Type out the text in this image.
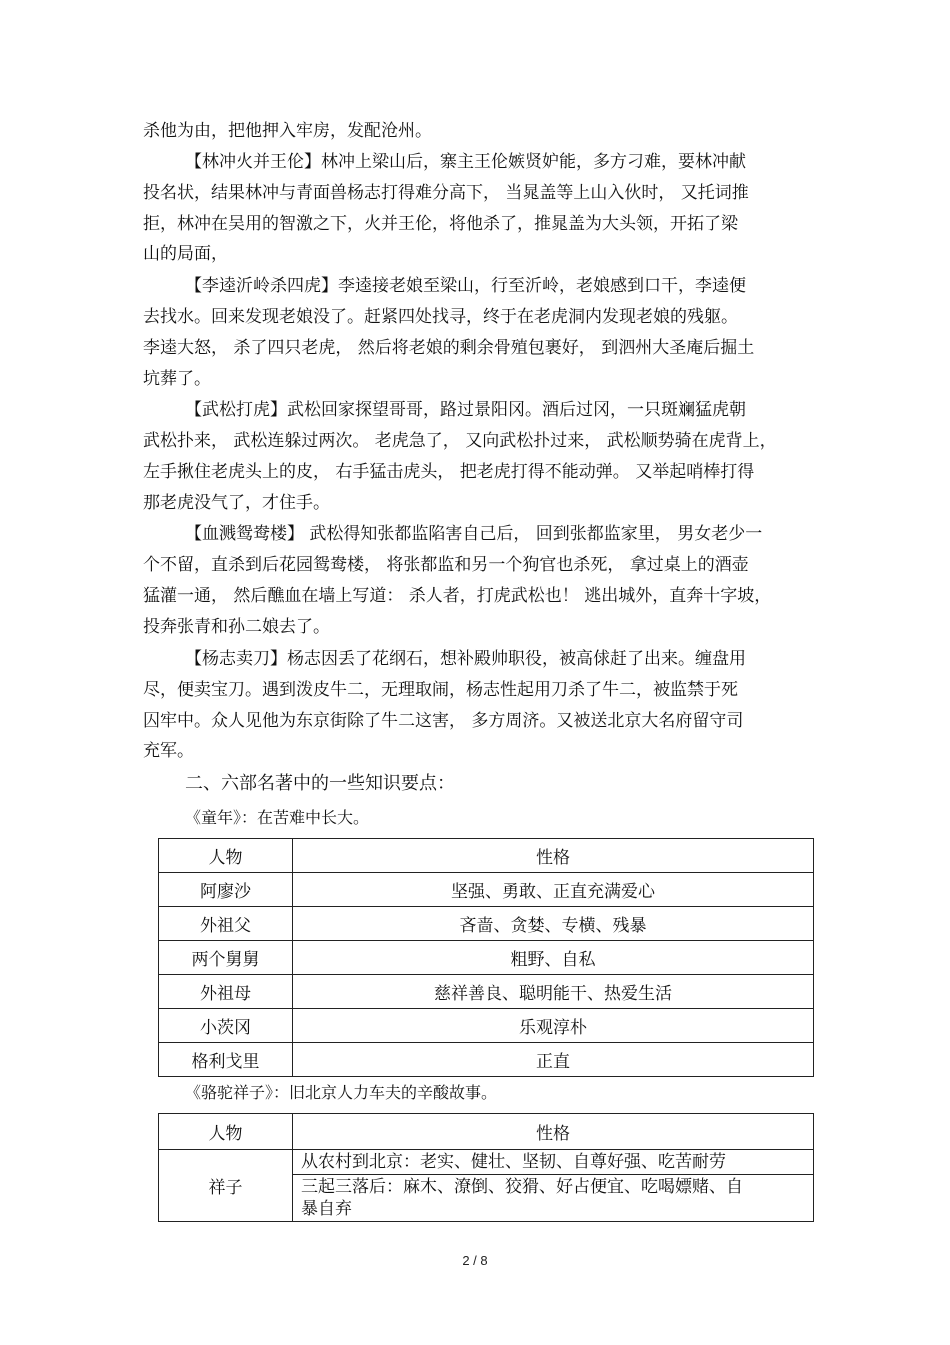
杀他为由，把他押入牢房，发配沧州。
【林冲火并王伦】林冲上梁山后，寨主王伦嫉贤妒能，多方刁难，要林冲献
投名状，结果林冲与青面兽杨志打得难分高下， 当晁盖等上山入伙时， 又托词推
拒，林冲在吴用的智激之下，火并王伦，将他杀了，推晁盖为大头领，开拓了梁
山的局面，
【李逵沂岭杀四虎】李逵接老娘至梁山，行至沂岭，老娘感到口干，李逵便
去找水。回来发现老娘没了。赶紧四处找寻，终于在老虎洞内发现老娘的残躯。
李逵大怒， 杀了四只老虎， 然后将老娘的剩余骨殖包裹好， 到泗州大圣庵后掘土
坑葬了。
【武松打虎】武松回家探望哥哥，路过景阳冈。酒后过冈，一只斑斓猛虎朝
武松扑来， 武松连躲过两次。 老虎急了， 又向武松扑过来， 武松顺势骑在虎背上，
左手揪住老虎头上的皮， 右手猛击虎头， 把老虎打得不能动弹。 又举起哨棒打得
那老虎没气了，才住手。
【血溅鸳鸯楼】 武松得知张都监陷害自己后， 回到张都监家里， 男女老少一
个不留，直杀到后花园鸳鸯楼， 将张都监和另一个狗官也杀死， 拿过桌上的酒壶
猛灌一通， 然后醮血在墙上写道： 杀人者，打虎武松也！ 逃出城外，直奔十字坡，
投奔张青和孙二娘去了。
【杨志卖刀】杨志因丢了花纲石，想补殿帅职役，被高俅赶了出来。缠盘用
尽，便卖宝刀。遇到泼皮牛二，无理取闹，杨志性起用刀杀了牛二，被监禁于死
囚牢中。众人见他为东京街除了牛二这害， 多方周济。又被送北京大名府留守司
充军。
二、六部名著中的一些知识要点：
《童年》：在苦难中长大。
人物	性格
阿廖沙	坚强、勇敢、正直充满爱心
外祖父	吝啬、贪婪、专横、残暴
两个舅舅	粗野、自私
外祖母	慈祥善良、聪明能干、热爱生活
小茨冈	乐观淳朴
格利戈里	正直
《骆驼祥子》：旧北京人力车夫的辛酸故事。
人物	性格
祥子	从农村到北京：老实、健壮、坚韧、自尊好强、吃苦耐劳
	三起三落后：麻木、潦倒、狡猾、好占便宜、吃喝嫖赌、自
暴自弃
2 / 8
